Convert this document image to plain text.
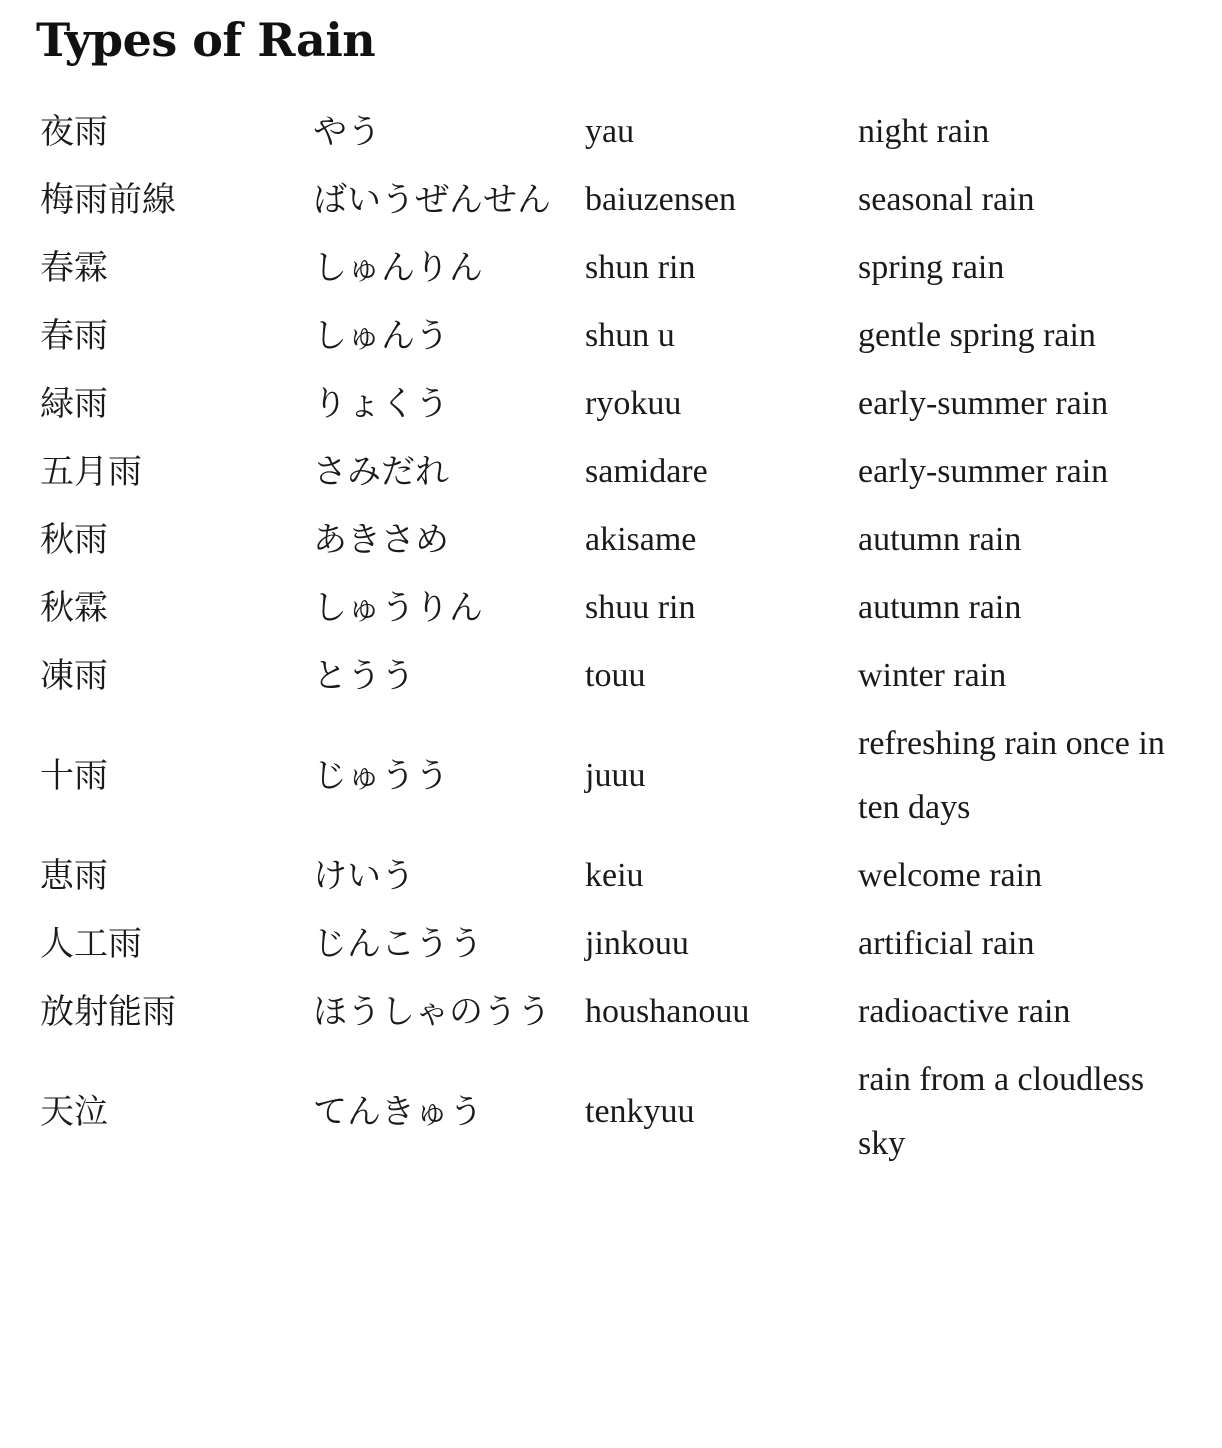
Types of Rain
夜雨	やう	yau	night rain
梅雨前線	ばいうぜんせん	baiuzensen	seasonal rain
春霖	しゅんりん	shun rin	spring rain
春雨	しゅんう	shun u	gentle spring rain
緑雨	りょくう	ryokuu	early-summer rain
五月雨	さみだれ	samidare	early-summer rain
秋雨	あきさめ	akisame	autumn rain
秋霖	しゅうりん	shuu rin	autumn rain
凍雨	とうう	touu	winter rain
十雨	じゅうう	juuu	refreshing rain once in ten days
恵雨	けいう	keiu	welcome rain
人工雨	じんこうう	jinkouu	artificial rain
放射能雨	ほうしゃのうう	houshanouu	radioactive rain
天泣	てんきゅう	tenkyuu	rain from a cloudless sky
